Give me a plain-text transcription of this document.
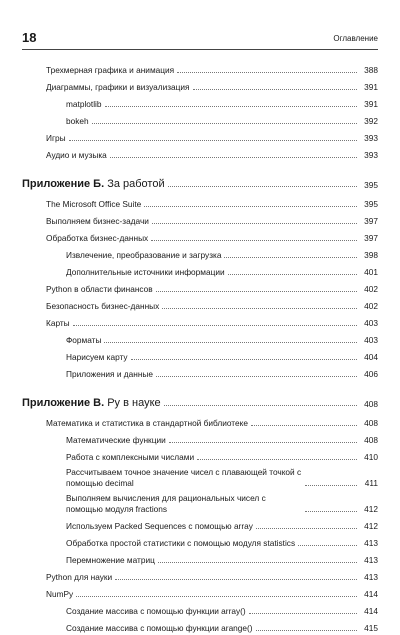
18	Оглавление
Трехмерная графика и анимация	388
Диаграммы, графики и визуализация	391
matplotlib	391
bokeh	392
Игры	393
Аудио и музыка	393
Приложение Б. За работой	395
The Microsoft Office Suite	395
Выполняем бизнес-задачи	397
Обработка бизнес-данных	397
Извлечение, преобразование и загрузка	398
Дополнительные источники информации	401
Python в области финансов	402
Безопасность бизнес-данных	402
Карты	403
Форматы	403
Нарисуем карту	404
Приложения и данные	406
Приложение В. Py в науке	408
Математика и статистика в стандартной библиотеке	408
Математические функции	408
Работа с комплексными числами	410
Рассчитываем точное значение чисел с плавающей точкой с помощью decimal	411
Выполняем вычисления для рациональных чисел с помощью модуля fractions	412
Используем Packed Sequences с помощью array	412
Обработка простой статистики с помощью модуля statistics	413
Перемножение матриц	413
Python для науки	413
NumPy	414
Создание массива с помощью функции array()	414
Создание массива с помощью функции arange()	415
